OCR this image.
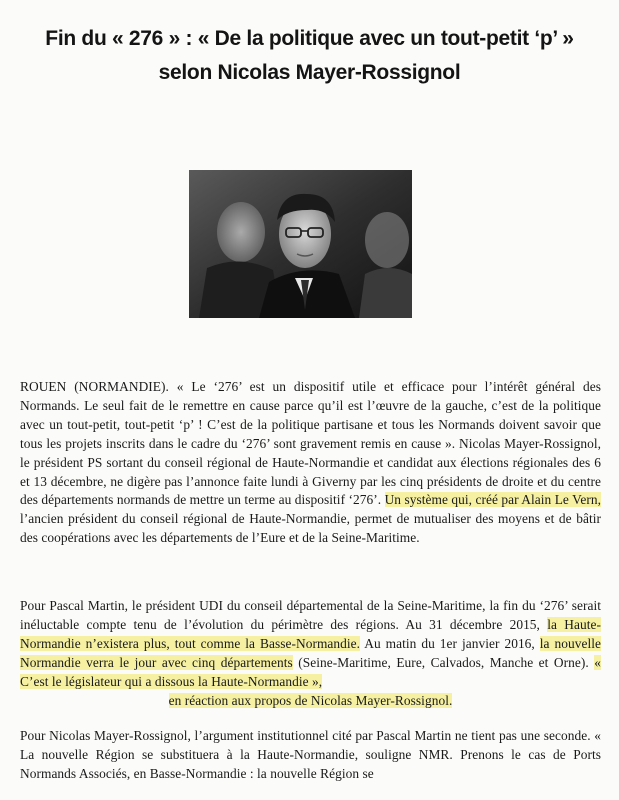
Fin du « 276 » : « De la politique avec un tout-petit ‘p’ » selon Nicolas Mayer-Rossignol
ROUEN (NORMANDIE). « Le ‘276’ est un dispositif utile et efficace pour l’intérêt général des Normands. Le seul fait de le remettre en cause parce qu’il est l’œuvre de la gauche, c’est de la politique avec un tout-petit, tout-petit ‘p’ ! C’est de la politique partisane et tous les Normands doivent savoir que tous les projets inscrits dans le cadre du ‘276’ sont gravement remis en cause ». Nicolas Mayer-Rossignol, le président PS sortant du conseil régional de Haute-Normandie et candidat aux élections régionales des 6 et 13 décembre, ne digère pas l’annonce faite lundi à Giverny par les cinq présidents de droite et du centre des départements normands de mettre un terme au dispositif ‘276’. Un système qui, créé par Alain Le Vern, l’ancien président du conseil régional de Haute-Normandie, permet de mutualiser des moyens et de bâtir des coopérations avec les départements de l’Eure et de la Seine-Maritime.
Pour Pascal Martin, le président UDI du conseil départemental de la Seine-Maritime, la fin du ‘276’ serait inéluctable compte tenu de l’évolution du périmètre des régions. Au 31 décembre 2015, la Haute-Normandie n’existera plus, tout comme la Basse-Normandie. Au matin du 1er janvier 2016, la nouvelle Normandie verra le jour avec cinq départements (Seine-Maritime, Eure, Calvados, Manche et Orne). « C’est le législateur qui a dissous la Haute-Normandie »,
en réaction aux propos de Nicolas Mayer-Rossignol.
Pour Nicolas Mayer-Rossignol, l’argument institutionnel cité par Pascal Martin ne tient pas une seconde. « La nouvelle Région se substituera à la Haute-Normandie, souligne NMR. Prenons le cas de Ports Normands Associés, en Basse-Normandie : la nouvelle Région se
